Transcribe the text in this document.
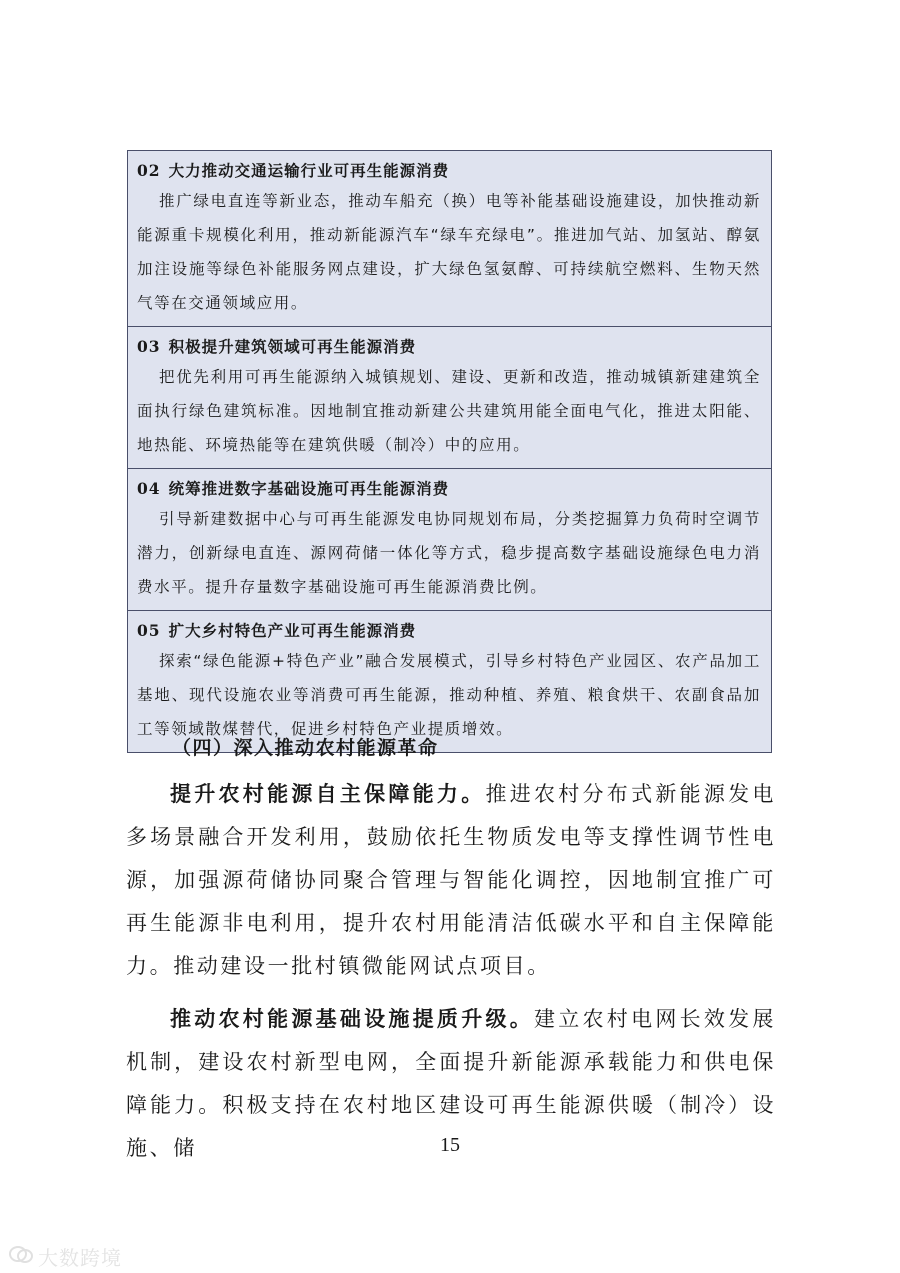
02 大力推动交通运输行业可再生能源消费
推广绿电直连等新业态，推动车船充（换）电等补能基础设施建设，加快推动新能源重卡规模化利用，推动新能源汽车“绿车充绿电”。推进加气站、加氢站、醇氨加注设施等绿色补能服务网点建设，扩大绿色氢氨醇、可持续航空燃料、生物天然气等在交通领域应用。
03 积极提升建筑领域可再生能源消费
把优先利用可再生能源纳入城镇规划、建设、更新和改造，推动城镇新建建筑全面执行绿色建筑标准。因地制宜推动新建公共建筑用能全面电气化，推进太阳能、地热能、环境热能等在建筑供暖（制冷）中的应用。
04 统筹推进数字基础设施可再生能源消费
引导新建数据中心与可再生能源发电协同规划布局，分类挖掘算力负荷时空调节潜力，创新绿电直连、源网荷储一体化等方式，稳步提高数字基础设施绿色电力消费水平。提升存量数字基础设施可再生能源消费比例。
05 扩大乡村特色产业可再生能源消费
探索“绿色能源+特色产业”融合发展模式，引导乡村特色产业园区、农产品加工基地、现代设施农业等消费可再生能源，推动种植、养殖、粮食烘干、农副食品加工等领域散煤替代，促进乡村特色产业提质增效。
（四）深入推动农村能源革命
提升农村能源自主保障能力。推进农村分布式新能源发电多场景融合开发利用，鼓励依托生物质发电等支撑性调节性电源，加强源荷储协同聚合管理与智能化调控，因地制宜推广可再生能源非电利用，提升农村用能清洁低碳水平和自主保障能力。推动建设一批村镇微能网试点项目。
推动农村能源基础设施提质升级。建立农村电网长效发展机制，建设农村新型电网，全面提升新能源承载能力和供电保障能力。积极支持在农村地区建设可再生能源供暖（制冷）设施、储	15
大数跨境
